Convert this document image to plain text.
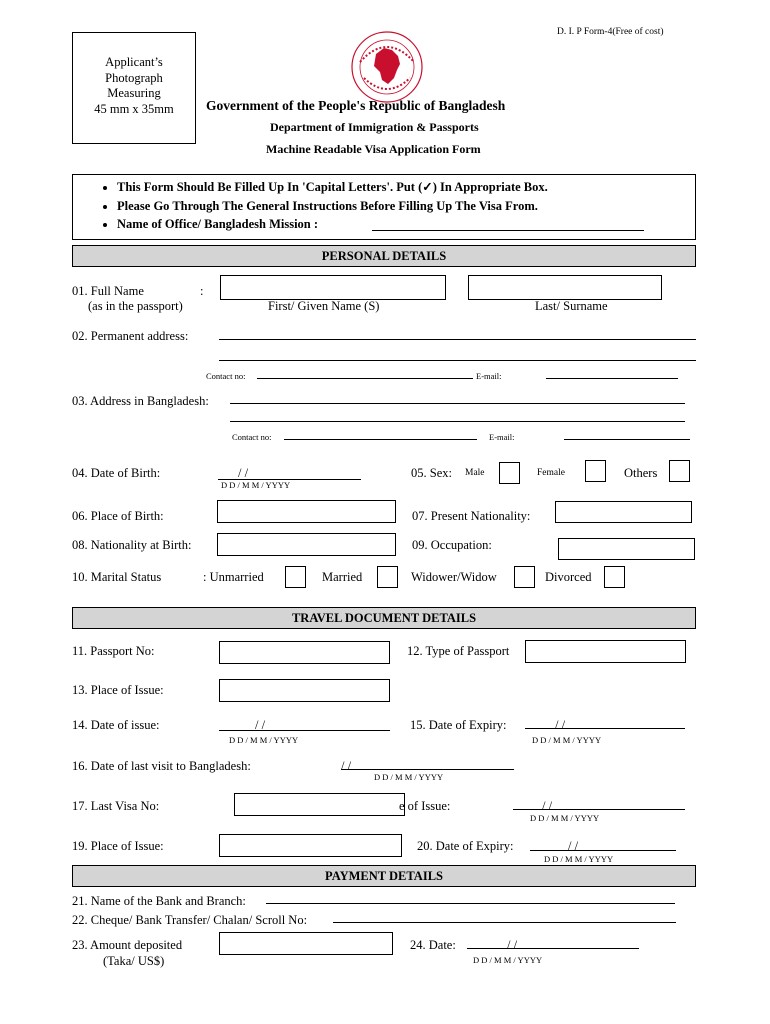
D. I. P Form-4(Free of cost)
Applicant’s
Photograph
Measuring
45 mm x 35mm	Government of the People's Republic of Bangladesh
Department of Immigration & Passports
Machine Readable Visa Application Form
• This Form Should Be Filled Up In 'Capital Letters'. Put (✓) In Appropriate Box.
• Please Go Through The General Instructions Before Filling Up The Visa From.
• Name of Office/ Bangladesh Mission :
PERSONAL DETAILS
01. Full Name	:
(as in the passport)	First/ Given Name (S)	Last/ Surname
02. Permanent address:
Contact no:	E-mail:
03. Address in Bangladesh:
Contact no:	E-mail:
04. Date of Birth:	/ /
D D / M M / YYYY
05. Sex: Male	Female	Others
06. Place of Birth:	07. Present Nationality:
08. Nationality at Birth:	09. Occupation:
10. Marital Status	: Unmarried	Married	Widower/Widow	Divorced
TRAVEL DOCUMENT DETAILS
11. Passport No:	12. Type of Passport
13. Place of Issue:
14. Date of issue:	/ /
D D / M M / YYYY
15. Date of Expiry:	/ /
D D / M M / YYYY
16. Date of last visit to Bangladesh:	/ /
D D / M M / YYYY
17. Last Visa No:	e of Issue:	/ /
D D / M M / YYYY
19. Place of Issue:	20. Date of Expiry:	/ /
D D / M M / YYYY
PAYMENT DETAILS
21. Name of the Bank and Branch:
22. Cheque/ Bank Transfer/ Chalan/ Scroll No:
23. Amount deposited
(Taka/ US$)
24. Date:	/ /
D D / M M / YYYY
